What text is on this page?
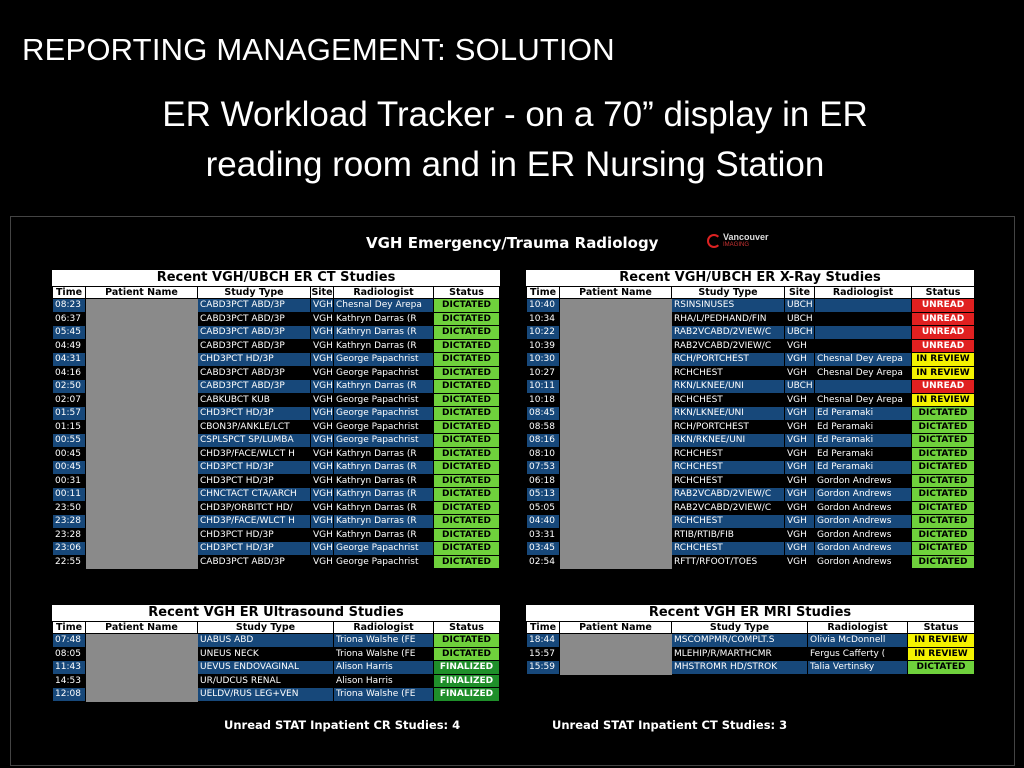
REPORTING MANAGEMENT: SOLUTION
ER Workload Tracker - on a 70” display in ER
reading room and in ER Nursing Station
VGH Emergency/Trauma Radiology	Vancouver
IMAGING
Recent VGH/UBCH ER CT Studies
Time	Patient Name	Study Type	Site	Radiologist	Status
08:23		CABD3PCT ABD/3P	VGH	Chesnal Dey Arepa	DICTATED
06:37		CABD3PCT ABD/3P	VGH	Kathryn Darras (R	DICTATED
05:45		CABD3PCT ABD/3P	VGH	Kathryn Darras (R	DICTATED
04:49		CABD3PCT ABD/3P	VGH	Kathryn Darras (R	DICTATED
04:31		CHD3PCT HD/3P	VGH	George Papachrist	DICTATED
04:16		CABD3PCT ABD/3P	VGH	George Papachrist	DICTATED
02:50		CABD3PCT ABD/3P	VGH	Kathryn Darras (R	DICTATED
02:07		CABKUBCT KUB	VGH	George Papachrist	DICTATED
01:57		CHD3PCT HD/3P	VGH	George Papachrist	DICTATED
01:15		CBON3P/ANKLE/LCT	VGH	George Papachrist	DICTATED
00:55		CSPLSPCT SP/LUMBA	VGH	George Papachrist	DICTATED
00:45		CHD3P/FACE/WLCT H	VGH	Kathryn Darras (R	DICTATED
00:45		CHD3PCT HD/3P	VGH	Kathryn Darras (R	DICTATED
00:31		CHD3PCT HD/3P	VGH	Kathryn Darras (R	DICTATED
00:11		CHNCTACT CTA/ARCH	VGH	Kathryn Darras (R	DICTATED
23:50		CHD3P/ORBITCT HD/	VGH	Kathryn Darras (R	DICTATED
23:28		CHD3P/FACE/WLCT H	VGH	Kathryn Darras (R	DICTATED
23:28		CHD3PCT HD/3P	VGH	Kathryn Darras (R	DICTATED
23:06		CHD3PCT HD/3P	VGH	George Papachrist	DICTATED
22:55		CABD3PCT ABD/3P	VGH	George Papachrist	DICTATED
Recent VGH/UBCH ER X-Ray Studies
Time	Patient Name	Study Type	Site	Radiologist	Status
10:40		RSINSINUSES	UBCH		UNREAD
10:34		RHA/L/PEDHAND/FIN	UBCH		UNREAD
10:22		RAB2VCABD/2VIEW/C	UBCH		UNREAD
10:39		RAB2VCABD/2VIEW/C	VGH		UNREAD
10:30		RCH/PORTCHEST	VGH	Chesnal Dey Arepa	IN REVIEW
10:27		RCHCHEST	VGH	Chesnal Dey Arepa	IN REVIEW
10:11		RKN/LKNEE/UNI	UBCH		UNREAD
10:18		RCHCHEST	VGH	Chesnal Dey Arepa	IN REVIEW
08:45		RKN/LKNEE/UNI	VGH	Ed Peramaki	DICTATED
08:58		RCH/PORTCHEST	VGH	Ed Peramaki	DICTATED
08:16		RKN/RKNEE/UNI	VGH	Ed Peramaki	DICTATED
08:10		RCHCHEST	VGH	Ed Peramaki	DICTATED
07:53		RCHCHEST	VGH	Ed Peramaki	DICTATED
06:18		RCHCHEST	VGH	Gordon Andrews	DICTATED
05:13		RAB2VCABD/2VIEW/C	VGH	Gordon Andrews	DICTATED
05:05		RAB2VCABD/2VIEW/C	VGH	Gordon Andrews	DICTATED
04:40		RCHCHEST	VGH	Gordon Andrews	DICTATED
03:31		RTIB/RTIB/FIB	VGH	Gordon Andrews	DICTATED
03:45		RCHCHEST	VGH	Gordon Andrews	DICTATED
02:54		RFTT/RFOOT/TOES	VGH	Gordon Andrews	DICTATED
Recent VGH ER Ultrasound Studies
Time	Patient Name	Study Type	Radiologist	Status
07:48		UABUS ABD	Triona Walshe (FE	DICTATED
08:05		UNEUS NECK	Triona Walshe (FE	DICTATED
11:43		UEVUS ENDOVAGINAL	Alison Harris	FINALIZED
14:53		UR/UDCUS RENAL	Alison Harris	FINALIZED
12:08		UELDV/RUS LEG+VEN	Triona Walshe (FE	FINALIZED
Recent VGH ER MRI Studies
Time	Patient Name	Study Type	Radiologist	Status
18:44		MSCOMPMR/COMPLT.S	Olivia McDonnell	IN REVIEW
15:57		MLEHIP/R/MARTHCMR	Fergus Cafferty (	IN REVIEW
15:59		MHSTROMR HD/STROK	Talia Vertinsky	DICTATED
Unread STAT Inpatient CR Studies: 4	Unread STAT Inpatient CT Studies: 3
